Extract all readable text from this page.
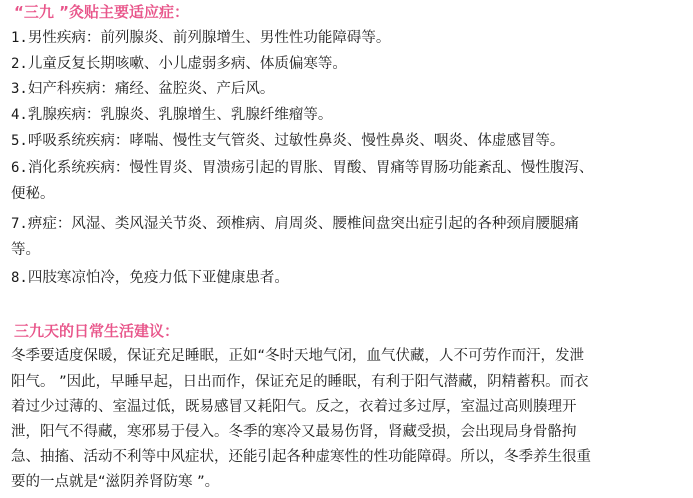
“三九 ”灸贴主要适应症：
1.男性疾病：前列腺炎、前列腺增生、男性性功能障碍等。
2.儿童反复长期咳嗽、小儿虚弱多病、体质偏寒等。
3.妇产科疾病：痛经、盆腔炎、产后风。
4.乳腺疾病：乳腺炎、乳腺增生、乳腺纤维瘤等。
5.呼吸系统疾病：哮喘、慢性支气管炎、过敏性鼻炎、慢性鼻炎、咽炎、体虚感冒等。
6.消化系统疾病：慢性胃炎、胃溃疡引起的胃胀、胃酸、胃痛等胃肠功能紊乱、慢性腹泻、
便秘。
7.痹症：风湿、类风湿关节炎、颈椎病、肩周炎、腰椎间盘突出症引起的各种颈肩腰腿痛
等。
8.四肢寒凉怕冷，免疫力低下亚健康患者。
三九天的日常生活建议：
冬季要适度保暖，保证充足睡眠，正如“冬时天地气闭，血气伏藏，人不可劳作而汗，发泄
阳气。 ”因此，早睡早起，日出而作，保证充足的睡眠，有利于阳气潜藏，阴精蓄积。而衣
着过少过薄的、室温过低，既易感冒又耗阳气。反之，衣着过多过厚，室温过高则腠理开
泄，阳气不得藏，寒邪易于侵入。冬季的寒冷又最易伤肾，肾藏受损，会出现局身骨骼拘
急、抽搐、活动不利等中风症状，还能引起各种虚寒性的性功能障碍。所以，冬季养生很重
要的一点就是“滋阴养肾防寒 ”。
